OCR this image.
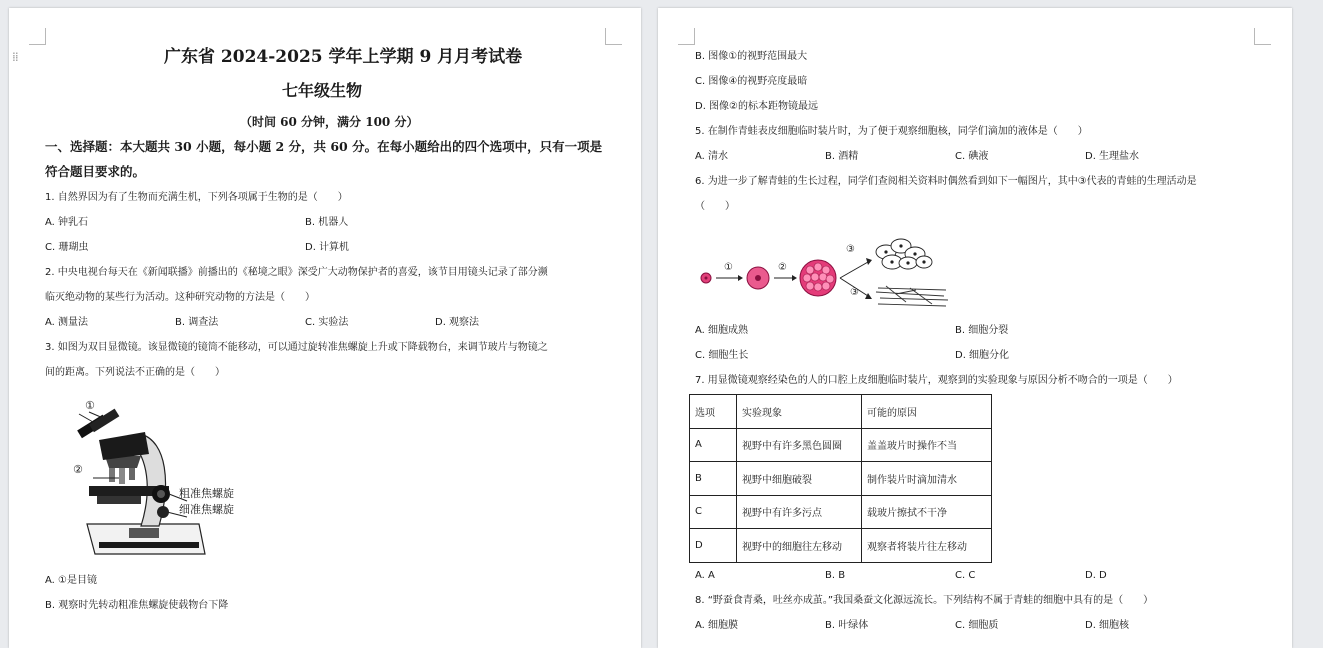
⁞⁞	广东省 2024-2025 学年上学期 9 月月考试卷
七年级生物
（时间 60 分钟，满分 100 分）
一、选择题：本大题共 30 小题，每小题 2 分，共 60 分。在每小题给出的四个选项中，只有一项是
符合题目要求的。
1. 自然界因为有了生物而充满生机，下列各项属于生物的是（　　）
A. 钟乳石	B. 机器人
C. 珊瑚虫	D. 计算机
2. 中央电视台每天在《新闻联播》前播出的《秘境之眼》深受广大动物保护者的喜爱，该节目用镜头记录了部分濒
临灭绝动物的某些行为活动。这种研究动物的方法是（　　）
A. 测量法	B. 调查法	C. 实验法	D. 观察法
3. 如图为双目显微镜。该显微镜的镜筒不能移动，可以通过旋转准焦螺旋上升或下降载物台，来调节玻片与物镜之
间的距离。下列说法不正确的是（　　）
①
②
粗准焦螺旋
细准焦螺旋
A. ①是目镜
B. 观察时先转动粗准焦螺旋使载物台下降
B. 图像①的视野范围最大
C. 图像④的视野亮度最暗
D. 图像②的标本距物镜最远
5. 在制作青蛙表皮细胞临时装片时，为了便于观察细胞核，同学们滴加的液体是（　　）
A. 清水	B. 酒精	C. 碘液	D. 生理盐水
6. 为进一步了解青蛙的生长过程，同学们查阅相关资料时偶然看到如下一幅图片，其中③代表的青蛙的生理活动是
（　　）
①	②
③
③
A. 细胞成熟	B. 细胞分裂
C. 细胞生长	D. 细胞分化
7. 用显微镜观察经染色的人的口腔上皮细胞临时装片，观察到的实验现象与原因分析不吻合的一项是（　　）
选项	实验现象	可能的原因
A	视野中有许多黑色圆圈	盖盖玻片时操作不当
B	视野中细胞破裂	制作装片时滴加清水
C	视野中有许多污点	载玻片擦拭不干净
D	视野中的细胞往左移动	观察者将装片往左移动
A. A	B. B	C. C	D. D
8. “野蚕食青桑，吐丝亦成茧。”我国桑蚕文化源远流长。下列结构不属于青蛙的细胞中具有的是（　　）
A. 细胞膜	B. 叶绿体	C. 细胞质	D. 细胞核
